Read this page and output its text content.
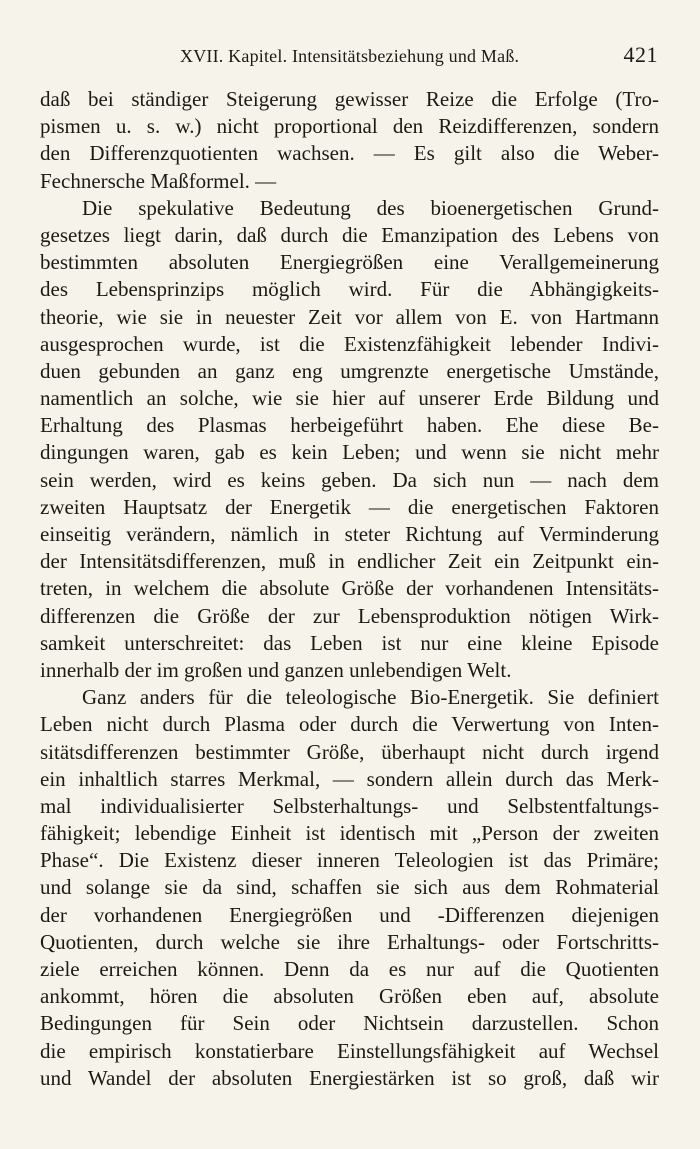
XVII. Kapitel. Intensitätsbeziehung und Maß.	421
daß bei ständiger Steigerung gewisser Reize die Erfolge (Tro-
pismen u. s. w.) nicht proportional den Reizdifferenzen, sondern
den Differenzquotienten wachsen. — Es gilt also die Weber-
Fechnersche Maßformel. —
Die spekulative Bedeutung des bioenergetischen Grund-
gesetzes liegt darin, daß durch die Emanzipation des Lebens von
bestimmten absoluten Energiegrößen eine Verallgemeinerung
des Lebensprinzips möglich wird. Für die Abhängigkeits-
theorie, wie sie in neuester Zeit vor allem von E. von Hartmann
ausgesprochen wurde, ist die Existenzfähigkeit lebender Indivi-
duen gebunden an ganz eng umgrenzte energetische Umstände,
namentlich an solche, wie sie hier auf unserer Erde Bildung und
Erhaltung des Plasmas herbeigeführt haben. Ehe diese Be-
dingungen waren, gab es kein Leben; und wenn sie nicht mehr
sein werden, wird es keins geben. Da sich nun — nach dem
zweiten Hauptsatz der Energetik — die energetischen Faktoren
einseitig verändern, nämlich in steter Richtung auf Verminderung
der Intensitätsdifferenzen, muß in endlicher Zeit ein Zeitpunkt ein-
treten, in welchem die absolute Größe der vorhandenen Intensitäts-
differenzen die Größe der zur Lebensproduktion nötigen Wirk-
samkeit unterschreitet: das Leben ist nur eine kleine Episode
innerhalb der im großen und ganzen unlebendigen Welt.
Ganz anders für die teleologische Bio-Energetik. Sie definiert
Leben nicht durch Plasma oder durch die Verwertung von Inten-
sitätsdifferenzen bestimmter Größe, überhaupt nicht durch irgend
ein inhaltlich starres Merkmal, — sondern allein durch das Merk-
mal individualisierter Selbsterhaltungs- und Selbstentfaltungs-
fähigkeit; lebendige Einheit ist identisch mit „Person der zweiten
Phase“. Die Existenz dieser inneren Teleologien ist das Primäre;
und solange sie da sind, schaffen sie sich aus dem Rohmaterial
der vorhandenen Energiegrößen und -Differenzen diejenigen
Quotienten, durch welche sie ihre Erhaltungs- oder Fortschritts-
ziele erreichen können. Denn da es nur auf die Quotienten
ankommt, hören die absoluten Größen eben auf, absolute
Bedingungen für Sein oder Nichtsein darzustellen. Schon
die empirisch konstatierbare Einstellungsfähigkeit auf Wechsel
und Wandel der absoluten Energiestärken ist so groß, daß wir
